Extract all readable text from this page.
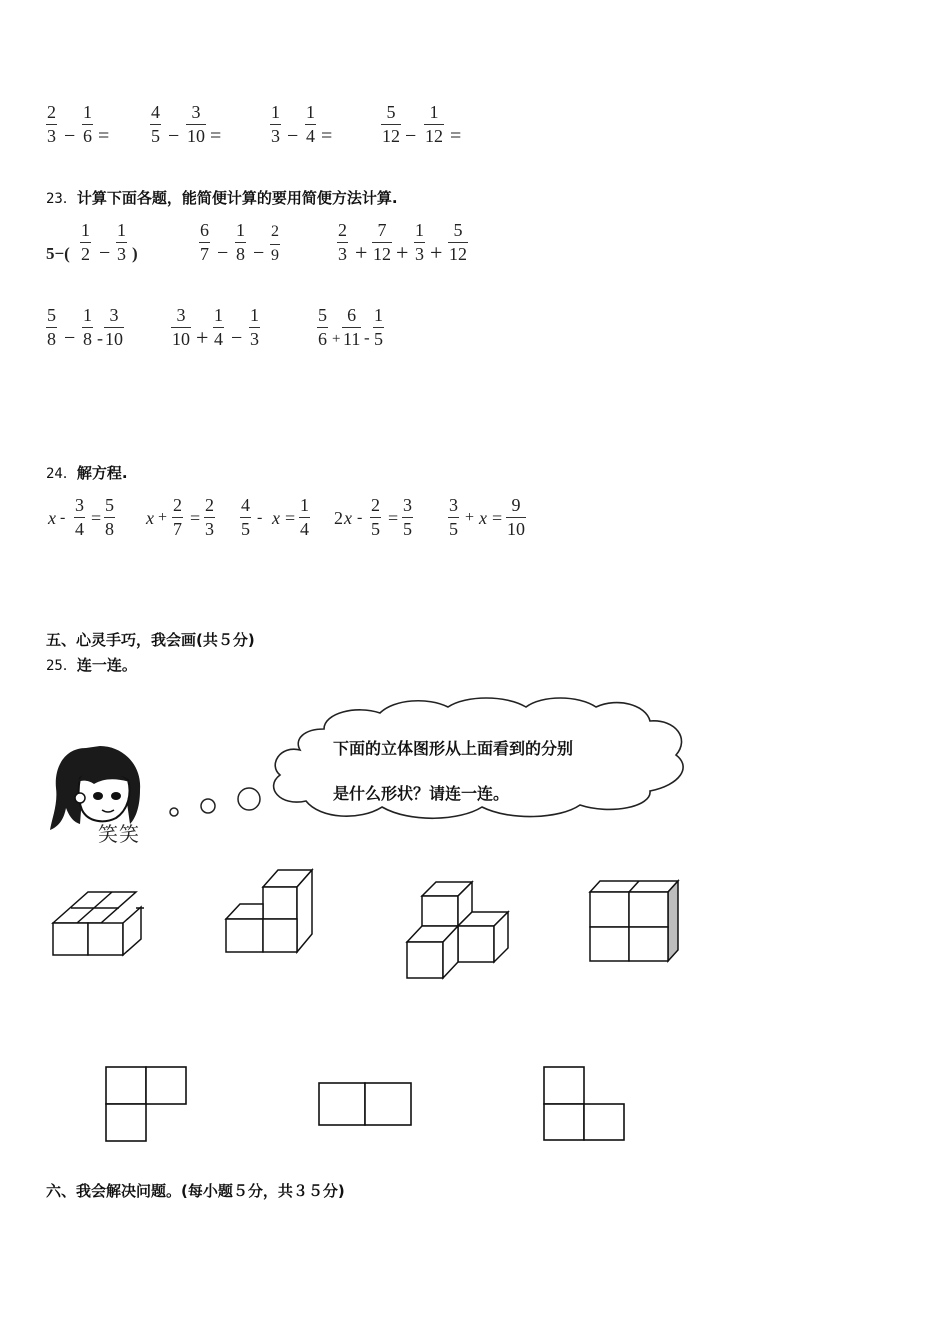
2
3 −
1
6 =
4
5 −
3
10 =
1
3 −
1
4 =
5
12 −
1
12 =
23．计算下面各题，能简便计算的要用简便方法计算.
5−(
1
2 −
1
3 )
6
7 −
1
8 −
2
9
2
3 +
7
12 +
1
3 +
5
12
5
8 −
1
8 -
3
10
3
10 +
1
4 −
1
3
5
6 +
6
11 -
1
5
24．解方程.
x -
3
4
=
5
8
x +
2
7
=
2
3
4
5
- x =
1
4
2 x -
2
5
=
3
5
3
5
+ x =
9
10
五、心灵手巧，我会画(共５分)
25．连一连。
笑笑
下面的立体图形从上面看到的分别
是什么形状？请连一连。
六、我会解决问题。(每小题５分，共３５分)
